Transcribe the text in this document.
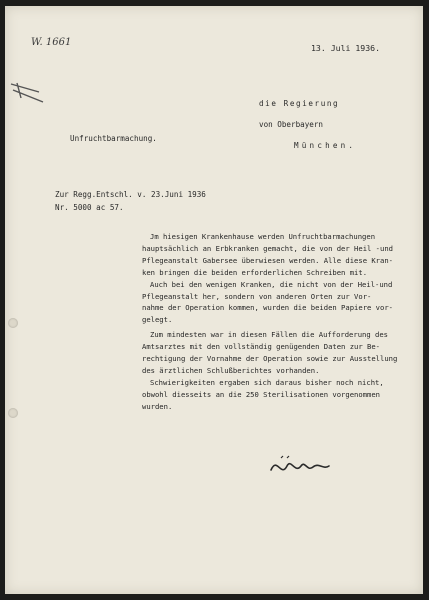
W. 1661	13. Juli 1936.
die Regierung
von Oberbayern
München.
Unfruchtbarmachung.
Zur Regg.Entschl. v. 23.Juni 1936
Nr. 5000 ac 57.
Jm hiesigen Krankenhause werden Unfruchtbarmachungen
hauptsächlich an Erbkranken gemacht, die von der Heil -und
Pflegeanstalt Gabersee überwiesen werden. Alle diese Kran-
ken bringen die beiden erforderlichen Schreiben mit.
Auch bei den wenigen Kranken, die nicht von der Heil-und
Pflegeanstalt her, sondern von anderen Orten zur Vor-
nahme der Operation kommen, wurden die beiden Papiere vor-
gelegt.
Zum mindesten war in diesen Fällen die Aufforderung des
Amtsarztes mit den vollständig genügenden Daten zur Be-
rechtigung der Vornahme der Operation sowie zur Ausstellung
des ärztlichen Schlußberichtes vorhanden.
Schwierigkeiten ergaben sich daraus bisher noch nicht,
obwohl diesseits an die 250 Sterilisationen vorgenommen
wurden.
